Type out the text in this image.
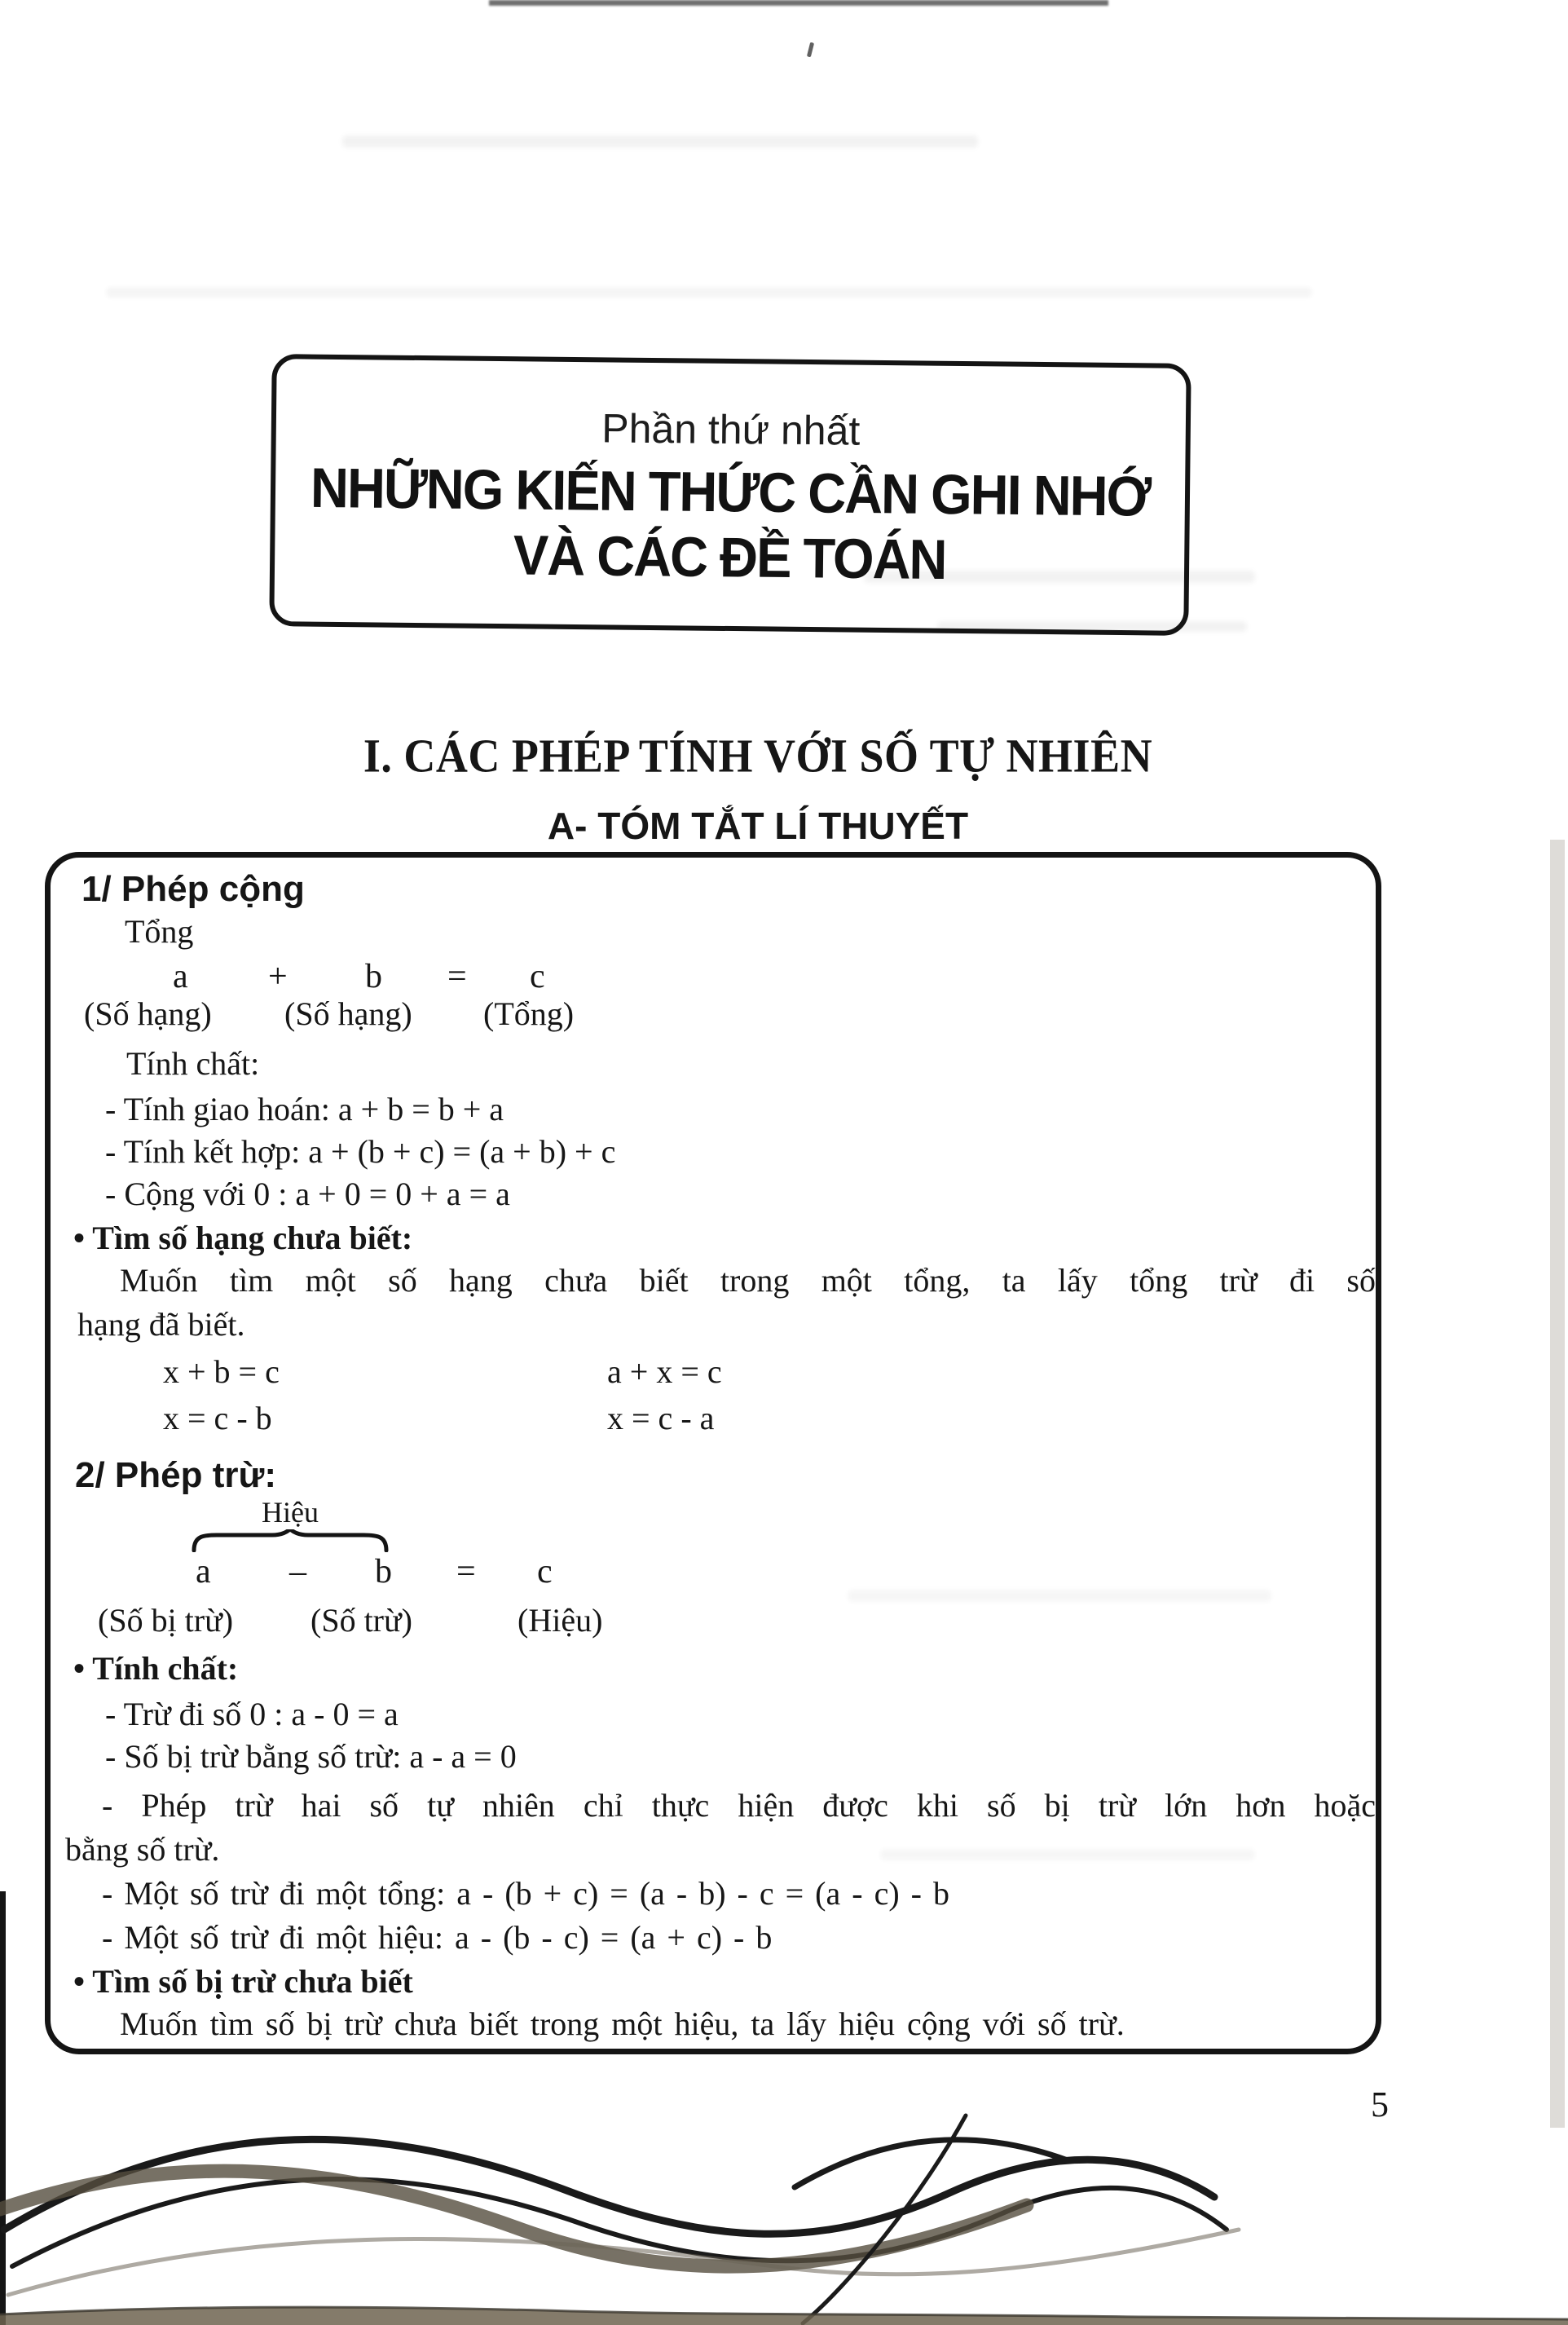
Phần thứ nhất
NHỮNG KIẾN THỨC CẦN GHI NHỚ
VÀ CÁC ĐỀ TOÁN
I. CÁC PHÉP TÍNH VỚI SỐ TỰ NHIÊN
A- TÓM TẮT LÍ THUYẾT
1/ Phép cộng
Tổng
a + b = c
(Số hạng) (Số hạng) (Tổng)
Tính chất:
- Tính giao hoán: a + b = b + a
- Tính kết hợp: a + (b + c) = (a + b) + c
- Cộng với 0 : a + 0 = 0 + a = a
• Tìm số hạng chưa biết:
Muốn tìm một số hạng chưa biết trong một tổng, ta lấy tổng trừ đi số
hạng đã biết.
x + b = c	a + x = c
x = c - b	x = c - a
2/ Phép trừ:
Hiệu
a – b = c
(Số bị trừ) (Số trừ)	(Hiệu)
• Tính chất:
- Trừ đi số 0 : a - 0 = a
- Số bị trừ bằng số trừ: a - a = 0
- Phép trừ hai số tự nhiên chỉ thực hiện được khi số bị trừ lớn hơn hoặc
bằng số trừ.
- Một số trừ đi một tổng: a - (b + c) = (a - b) - c = (a - c) - b
- Một số trừ đi một hiệu: a - (b - c) = (a + c) - b
• Tìm số bị trừ chưa biết
Muốn tìm số bị trừ chưa biết trong một hiệu, ta lấy hiệu cộng với số trừ.
5
